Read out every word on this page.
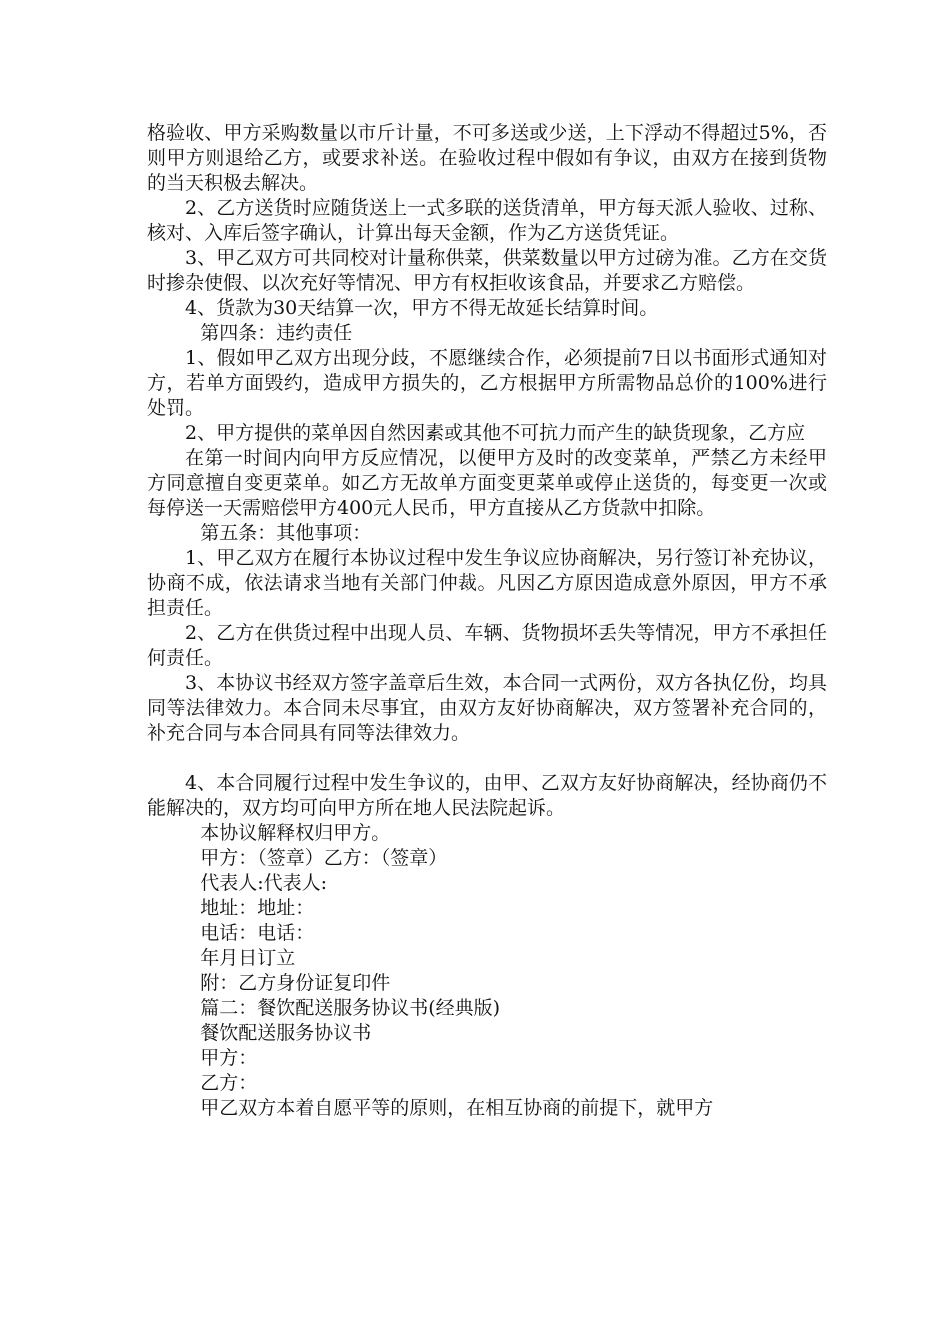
格验收、甲方采购数量以市斤计量，不可多送或少送，上下浮动不得超过5%，否则甲方则退给乙方，或要求补送。在验收过程中假如有争议，由双方在接到货物的当天积极去解决。

2、乙方送货时应随货送上一式多联的送货清单，甲方每天派人验收、过称、核对、入库后签字确认，计算出每天金额，作为乙方送货凭证。

3、甲乙双方可共同校对计量称供菜，供菜数量以甲方过磅为准。乙方在交货时掺杂使假、以次充好等情况、甲方有权拒收该食品，并要求乙方赔偿。

4、货款为30天结算一次，甲方不得无故延长结算时间。

第四条：违约责任

1、假如甲乙双方出现分歧，不愿继续合作，必须提前7日以书面形式通知对方，若单方面毁约，造成甲方损失的，乙方根据甲方所需物品总价的100%进行处罚。

2、甲方提供的菜单因自然因素或其他不可抗力而产生的缺货现象，乙方应

在第一时间内向甲方反应情况，以便甲方及时的改变菜单，严禁乙方未经甲方同意擅自变更菜单。如乙方无故单方面变更菜单或停止送货的，每变更一次或每停送一天需赔偿甲方400元人民币，甲方直接从乙方货款中扣除。

第五条：其他事项：

1、甲乙双方在履行本协议过程中发生争议应协商解决，另行签订补充协议，协商不成，依法请求当地有关部门仲裁。凡因乙方原因造成意外原因，甲方不承担责任。

2、乙方在供货过程中出现人员、车辆、货物损坏丢失等情况，甲方不承担任何责任。

3、本协议书经双方签字盖章后生效，本合同一式两份，双方各执亿份，均具同等法律效力。本合同未尽事宜，由双方友好协商解决，双方签署补充合同的，补充合同与本合同具有同等法律效力。

4、本合同履行过程中发生争议的，由甲、乙双方友好协商解决，经协商仍不能解决的，双方均可向甲方所在地人民法院起诉。

本协议解释权归甲方。

甲方：（签章）乙方：（签章）

代表人:代表人:

地址：地址：

电话：电话：

年月日订立

附：乙方身份证复印件

篇二：餐饮配送服务协议书(经典版)

餐饮配送服务协议书

甲方：

乙方：

甲乙双方本着自愿平等的原则，在相互协商的前提下，就甲方
